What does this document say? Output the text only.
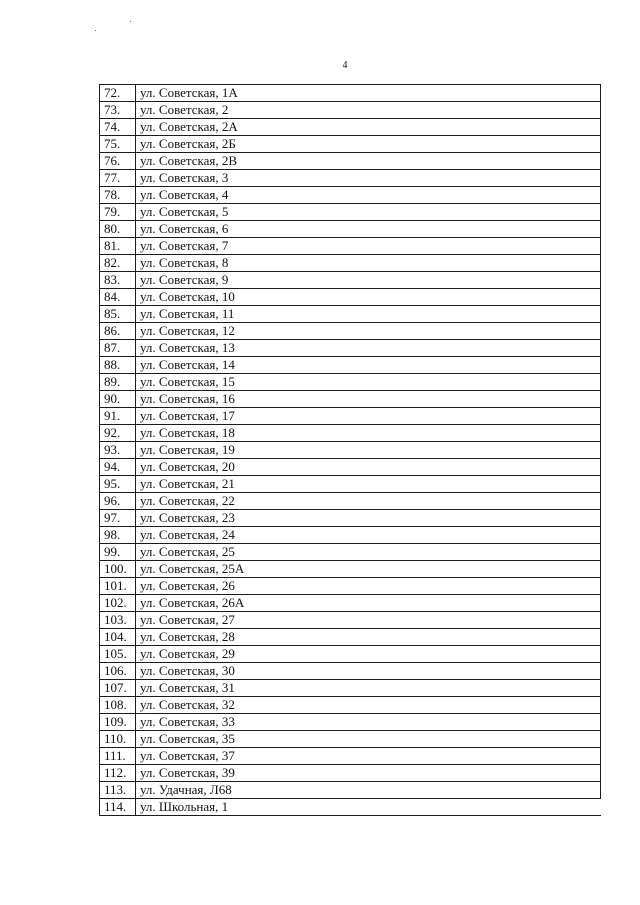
4
72.	ул. Советская, 1А
73.	ул. Советская, 2
74.	ул. Советская, 2А
75.	ул. Советская, 2Б
76.	ул. Советская, 2В
77.	ул. Советская, 3
78.	ул. Советская, 4
79.	ул. Советская, 5
80.	ул. Советская, 6
81.	ул. Советская, 7
82.	ул. Советская, 8
83.	ул. Советская, 9
84.	ул. Советская, 10
85.	ул. Советская, 11
86.	ул. Советская, 12
87.	ул. Советская, 13
88.	ул. Советская, 14
89.	ул. Советская, 15
90.	ул. Советская, 16
91.	ул. Советская, 17
92.	ул. Советская, 18
93.	ул. Советская, 19
94.	ул. Советская, 20
95.	ул. Советская, 21
96.	ул. Советская, 22
97.	ул. Советская, 23
98.	ул. Советская, 24
99.	ул. Советская, 25
100.	ул. Советская, 25А
101.	ул. Советская, 26
102.	ул. Советская, 26А
103.	ул. Советская, 27
104.	ул. Советская, 28
105.	ул. Советская, 29
106.	ул. Советская, 30
107.	ул. Советская, 31
108.	ул. Советская, 32
109.	ул. Советская, 33
110.	ул. Советская, 35
111.	ул. Советская, 37
112.	ул. Советская, 39
113.	ул. Удачная, Л68
114.	ул. Школьная, 1
